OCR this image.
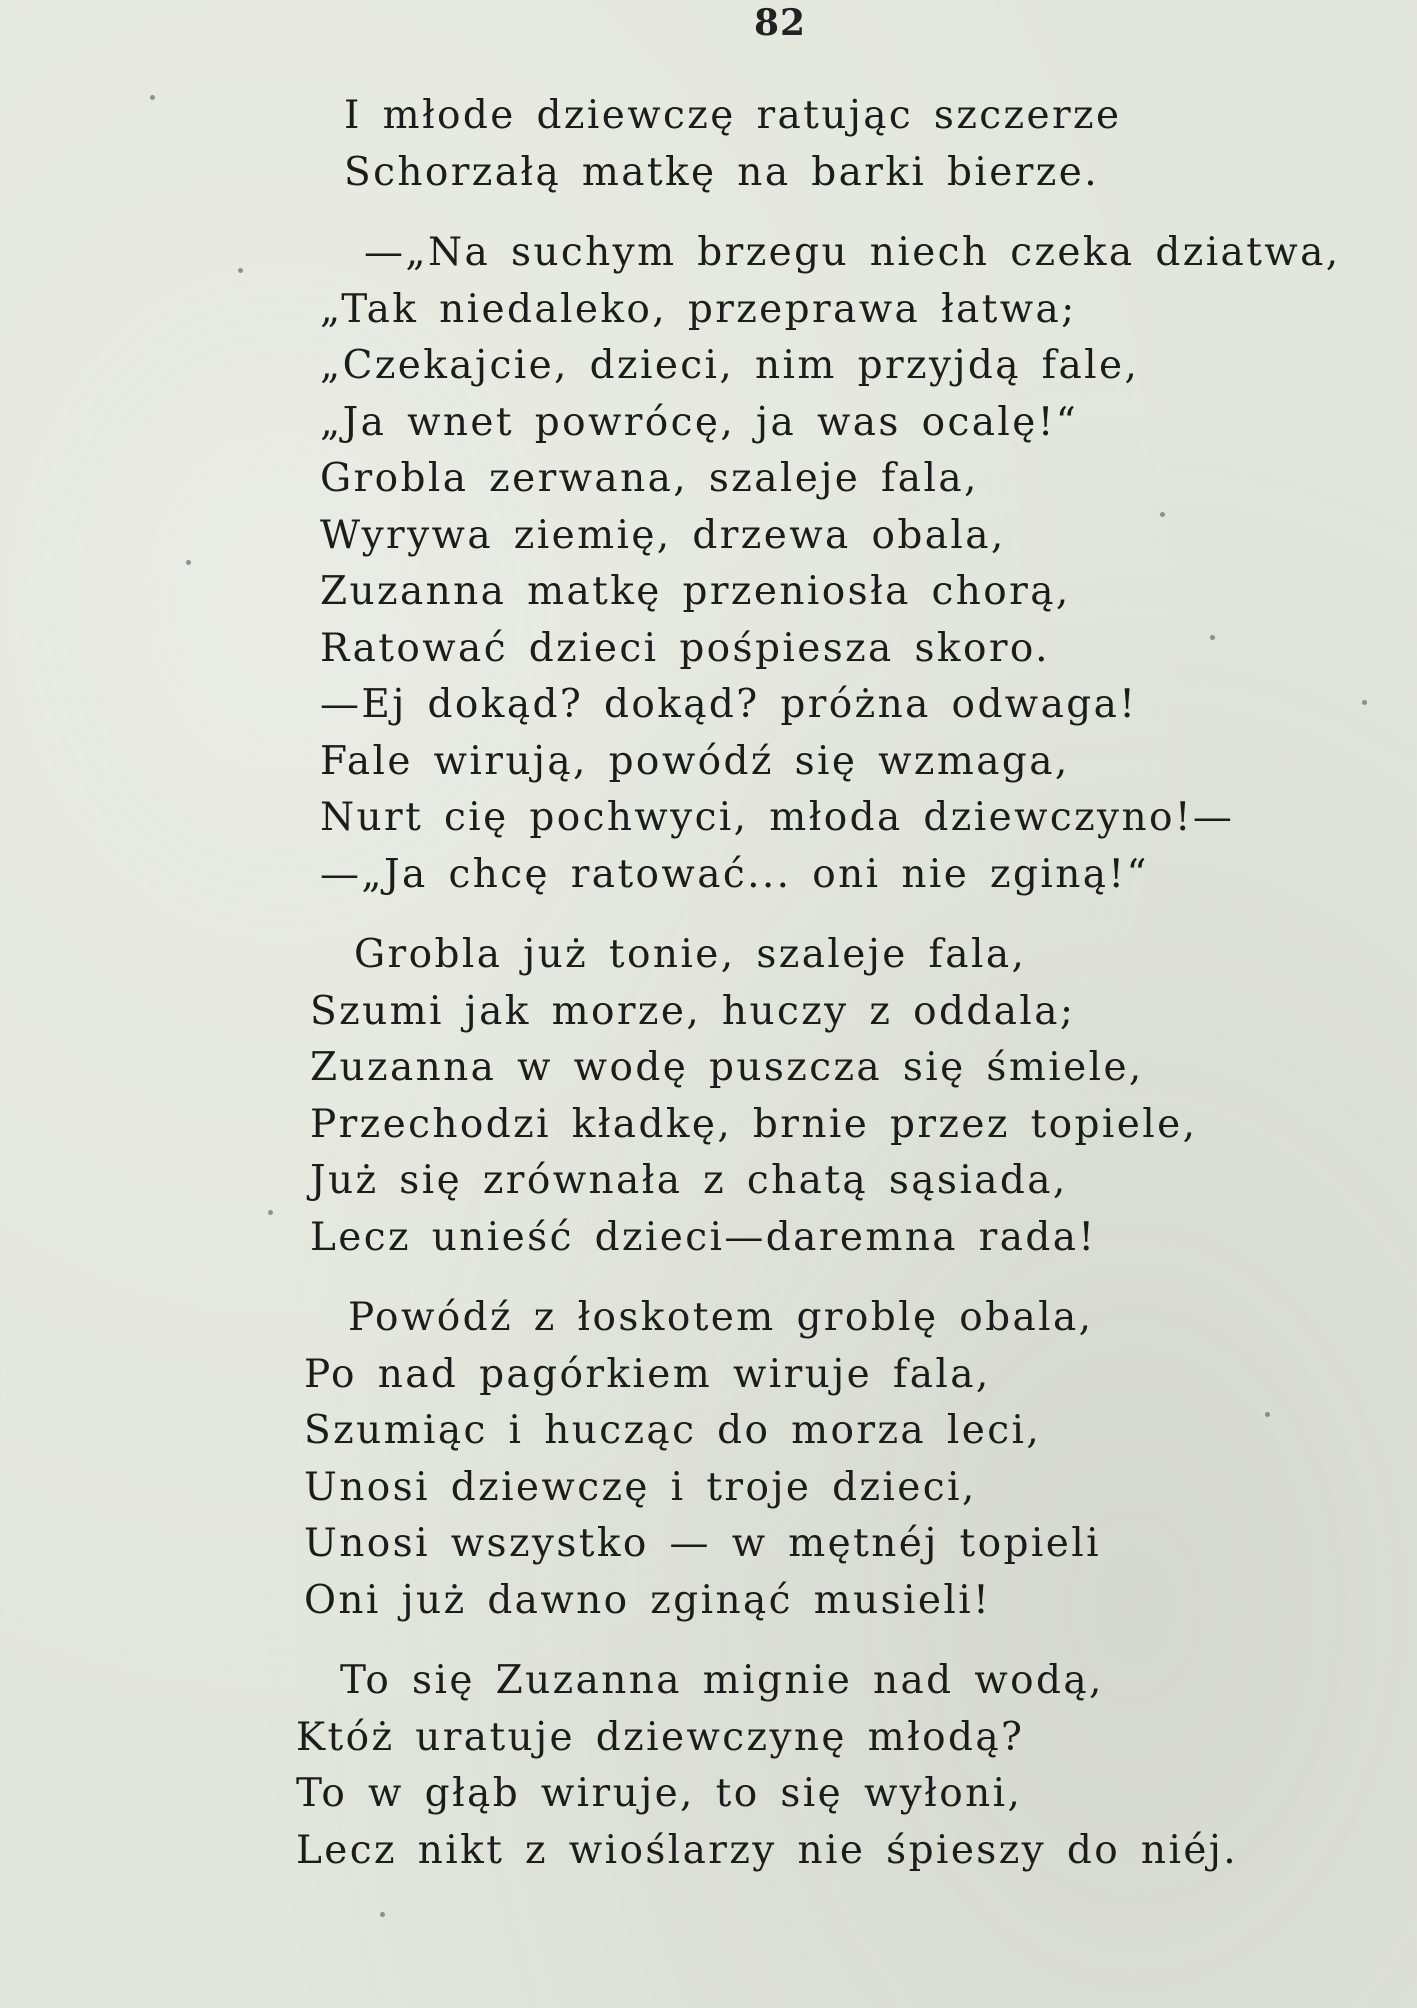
82
I młode dziewczę ratując szczerze
Schorzałą matkę na barki bierze.
—„Na suchym brzegu niech czeka dziatwa,
„Tak niedaleko, przeprawa łatwa;
„Czekajcie, dzieci, nim przyjdą fale,
„Ja wnet powrócę, ja was ocalę!“
Grobla zerwana, szaleje fala,
Wyrywa ziemię, drzewa obala,
Zuzanna matkę przeniosła chorą,
Ratować dzieci pośpiesza skoro.
—Ej dokąd? dokąd? próżna odwaga!
Fale wirują, powódź się wzmaga,
Nurt cię pochwyci, młoda dziewczyno!—
—„Ja chcę ratować... oni nie zginą!“
Grobla już tonie, szaleje fala,
Szumi jak morze, huczy z oddala;
Zuzanna w wodę puszcza się śmiele,
Przechodzi kładkę, brnie przez topiele,
Już się zrównała z chatą sąsiada,
Lecz unieść dzieci—daremna rada!
Powódź z łoskotem groblę obala,
Po nad pagórkiem wiruje fala,
Szumiąc i hucząc do morza leci,
Unosi dziewczę i troje dzieci,
Unosi wszystko — w mętnéj topieli
Oni już dawno zginąć musieli!
To się Zuzanna mignie nad wodą,
Któż uratuje dziewczynę młodą?
To w głąb wiruje, to się wyłoni,
Lecz nikt z wioślarzy nie śpieszy do niéj.
